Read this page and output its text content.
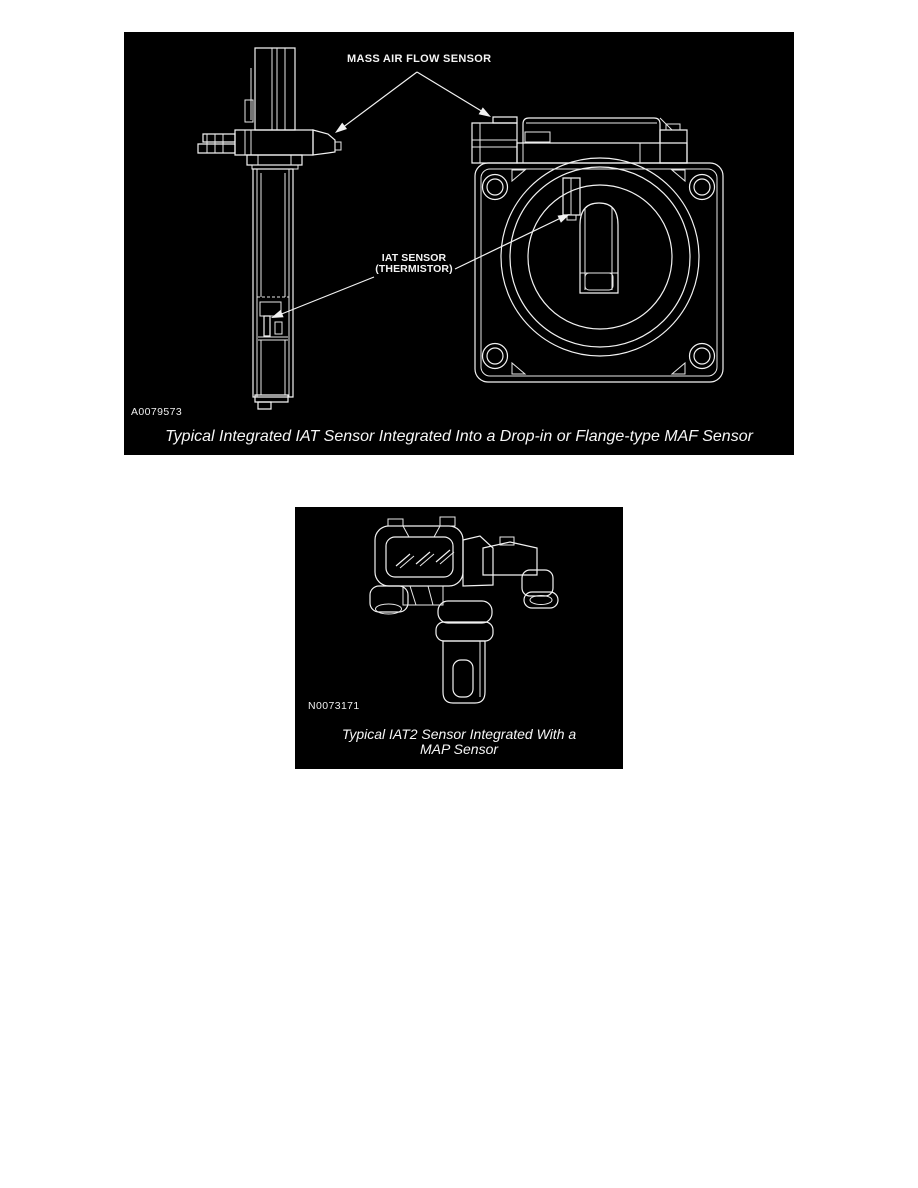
MASS AIR FLOW SENSOR
IAT SENSOR
(THERMISTOR)
A0079573
Typical Integrated IAT Sensor Integrated Into a Drop-in or Flange-type MAF Sensor
N0073171
Typical IAT2 Sensor Integrated With a
MAP Sensor
